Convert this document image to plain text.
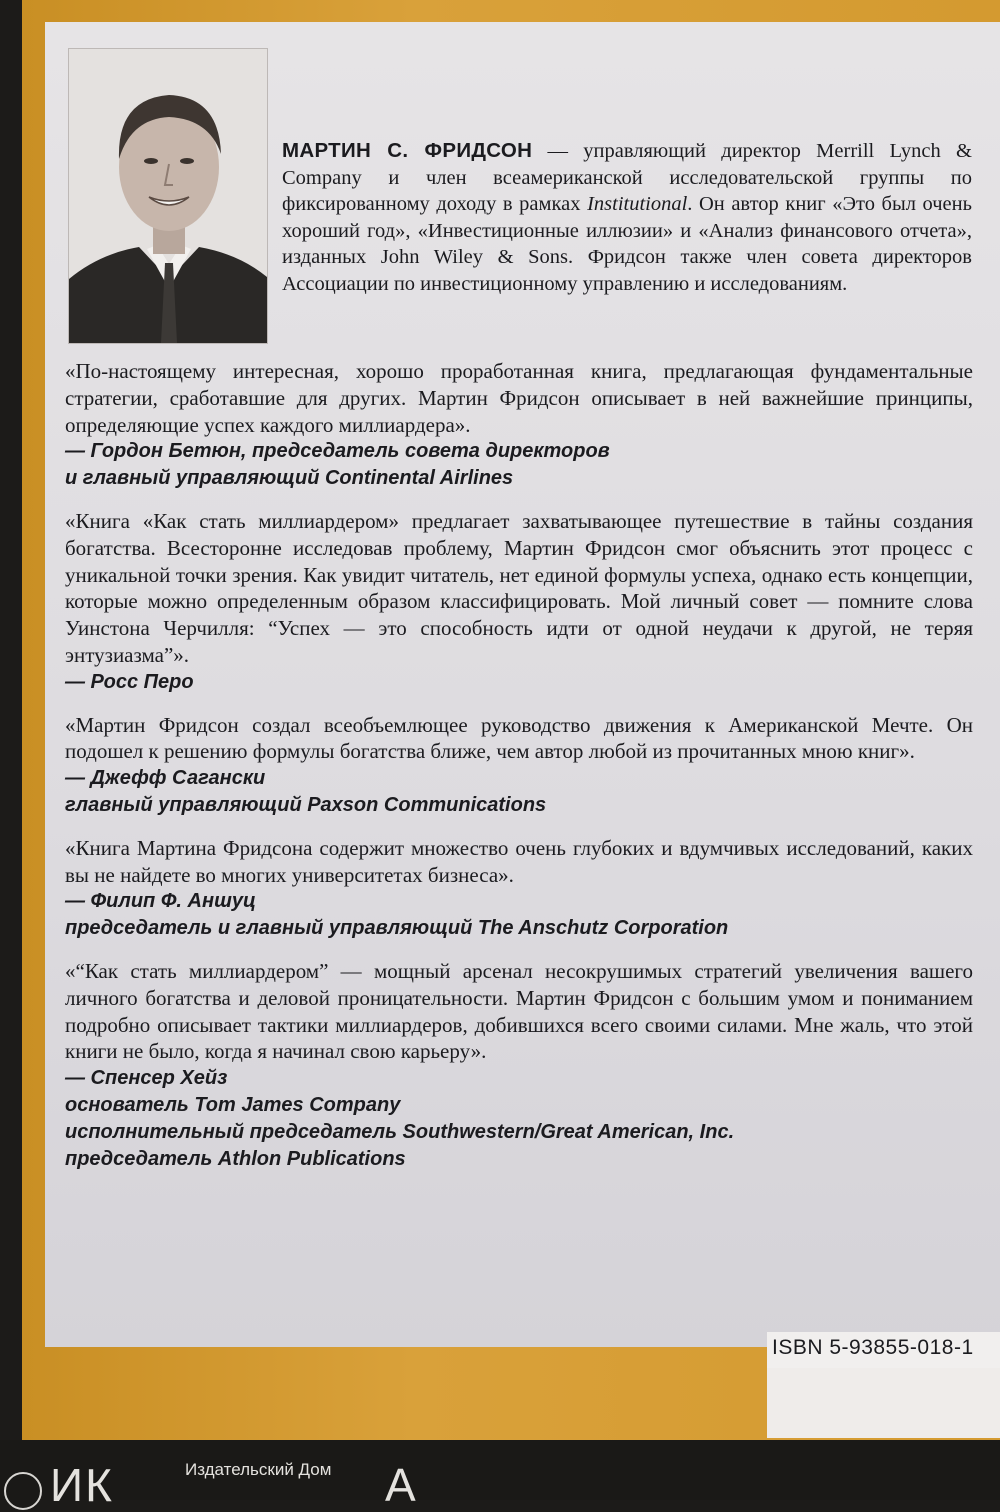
МАРТИН С. ФРИДСОН — управляющий директор Merrill Lynch & Company и член всеамериканской исследовательской группы по фиксированному доходу в рамках Institutional. Он автор книг «Это был очень хороший год», «Инвестиционные иллюзии» и «Анализ финансового отчета», изданных John Wiley & Sons. Фридсон также член совета директоров Ассоциации по инвестиционному управлению и исследованиям.

«По-настоящему интересная, хорошо проработанная книга, предлагающая фундаментальные стратегии, сработавшие для других. Мартин Фридсон описывает в ней важнейшие принципы, определяющие успех каждого миллиардера».

— Гордон Бетюн, председатель совета директоров

и главный управляющий Continental Airlines

«Книга «Как стать миллиардером» предлагает захватывающее путешествие в тайны создания богатства. Всесторонне исследовав проблему, Мартин Фридсон смог объяснить этот процесс с уникальной точки зрения. Как увидит читатель, нет единой формулы успеха, однако есть концепции, которые можно определенным образом классифицировать. Мой личный совет — помните слова Уинстона Черчилля: “Успех — это способность идти от одной неудачи к другой, не теряя энтузиазма”».

— Росс Перо

«Мартин Фридсон создал всеобъемлющее руководство движения к Американской Мечте. Он подошел к решению формулы богатства ближе, чем автор любой из прочитанных мною книг».

— Джефф Сагански

главный управляющий Paxson Communications

«Книга Мартина Фридсона содержит множество очень глубоких и вдумчивых исследований, каких вы не найдете во многих университетах бизнеса».

— Филип Ф. Аншуц

председатель и главный управляющий The Anschutz Corporation

«“Как стать миллиардером” — мощный арсенал несокрушимых стратегий увеличения вашего личного богатства и деловой проницательности. Мартин Фридсон с большим умом и пониманием подробно описывает тактики миллиардеров, добившихся всего своими силами. Мне жаль, что этой книги не было, когда я начинал свою карьеру».

— Спенсер Хейз

основатель Tom James Company

исполнительный председатель Southwestern/Great American, Inc.

председатель Athlon Publications

ISBN 5-93855-018-1
ИК	Издательский Дом A
